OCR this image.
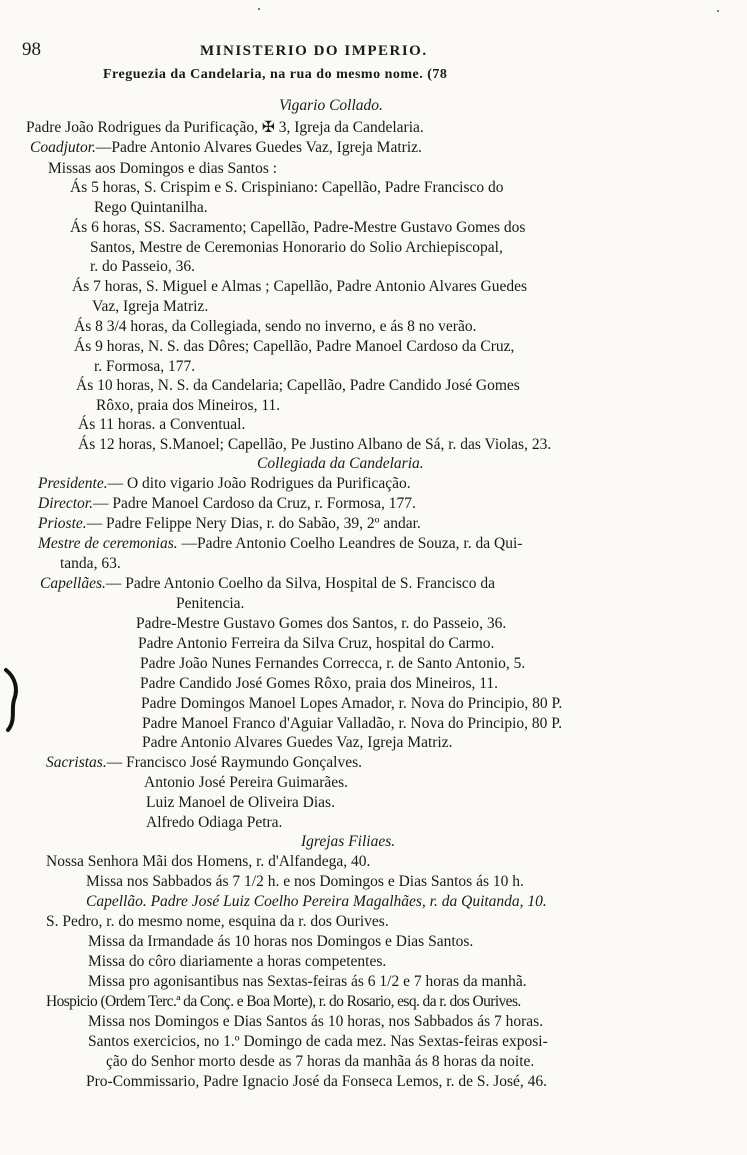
98	MINISTERIO DO IMPERIO.
Freguezia da Candelaria, na rua do mesmo nome. (78
Vigario Collado.
Padre João Rodrigues da Purificação, ✠ 3, Igreja da Candelaria.
Coadjutor.—Padre Antonio Alvares Guedes Vaz, Igreja Matriz.
Missas aos Domingos e dias Santos :
Ás 5 horas, S. Crispim e S. Crispiniano: Capellão, Padre Francisco do
Rego Quintanilha.
Ás 6 horas, SS. Sacramento; Capellão, Padre-Mestre Gustavo Gomes dos
Santos, Mestre de Ceremonias Honorario do Solio Archiepiscopal,
r. do Passeio, 36.
Ás 7 horas, S. Miguel e Almas ; Capellão, Padre Antonio Alvares Guedes
Vaz, Igreja Matriz.
Ás 8 3/4 horas, da Collegiada, sendo no inverno, e ás 8 no verão.
Ás 9 horas, N. S. das Dôres; Capellão, Padre Manoel Cardoso da Cruz,
r. Formosa, 177.
Ás 10 horas, N. S. da Candelaria; Capellão, Padre Candido José Gomes
Rôxo, praia dos Mineiros, 11.
Ás 11 horas. a Conventual.
Ás 12 horas, S.Manoel; Capellão, Pe Justino Albano de Sá, r. das Violas, 23.
Collegiada da Candelaria.
Presidente.— O dito vigario João Rodrigues da Purificação.
Director.— Padre Manoel Cardoso da Cruz, r. Formosa, 177.
Prioste.— Padre Felippe Nery Dias, r. do Sabão, 39, 2º andar.
Mestre de ceremonias. —Padre Antonio Coelho Leandres de Souza, r. da Qui-
tanda, 63.
Capellães.— Padre Antonio Coelho da Silva, Hospital de S. Francisco da
Penitencia.
Padre-Mestre Gustavo Gomes dos Santos, r. do Passeio, 36.
Padre Antonio Ferreira da Silva Cruz, hospital do Carmo.
Padre João Nunes Fernandes Correcca, r. de Santo Antonio, 5.
Padre Candido José Gomes Rôxo, praia dos Mineiros, 11.
Padre Domingos Manoel Lopes Amador, r. Nova do Principio, 80 P.
Padre Manoel Franco d'Aguiar Valladão, r. Nova do Principio, 80 P.
Padre Antonio Alvares Guedes Vaz, Igreja Matriz.
Sacristas.— Francisco José Raymundo Gonçalves.
Antonio José Pereira Guimarães.
Luiz Manoel de Oliveira Dias.
Alfredo Odiaga Petra.
Igrejas Filiaes.
Nossa Senhora Mãi dos Homens, r. d'Alfandega, 40.
Missa nos Sabbados ás 7 1/2 h. e nos Domingos e Dias Santos ás 10 h.
Capellão. Padre José Luiz Coelho Pereira Magalhães, r. da Quitanda, 10.
S. Pedro, r. do mesmo nome, esquina da r. dos Ourives.
Missa da Irmandade ás 10 horas nos Domingos e Dias Santos.
Missa do côro diariamente a horas competentes.
Missa pro agonisantibus nas Sextas-feiras ás 6 1/2 e 7 horas da manhã.
Hospicio (Ordem Terc.ª da Conç. e Boa Morte), r. do Rosario, esq. da r. dos Ourives.
Missa nos Domingos e Dias Santos ás 10 horas, nos Sabbados ás 7 horas.
Santos exercicios, no 1.º Domingo de cada mez. Nas Sextas-feiras exposi-
ção do Senhor morto desde as 7 horas da manhãa ás 8 horas da noite.
Pro-Commissario, Padre Ignacio José da Fonseca Lemos, r. de S. José, 46.
